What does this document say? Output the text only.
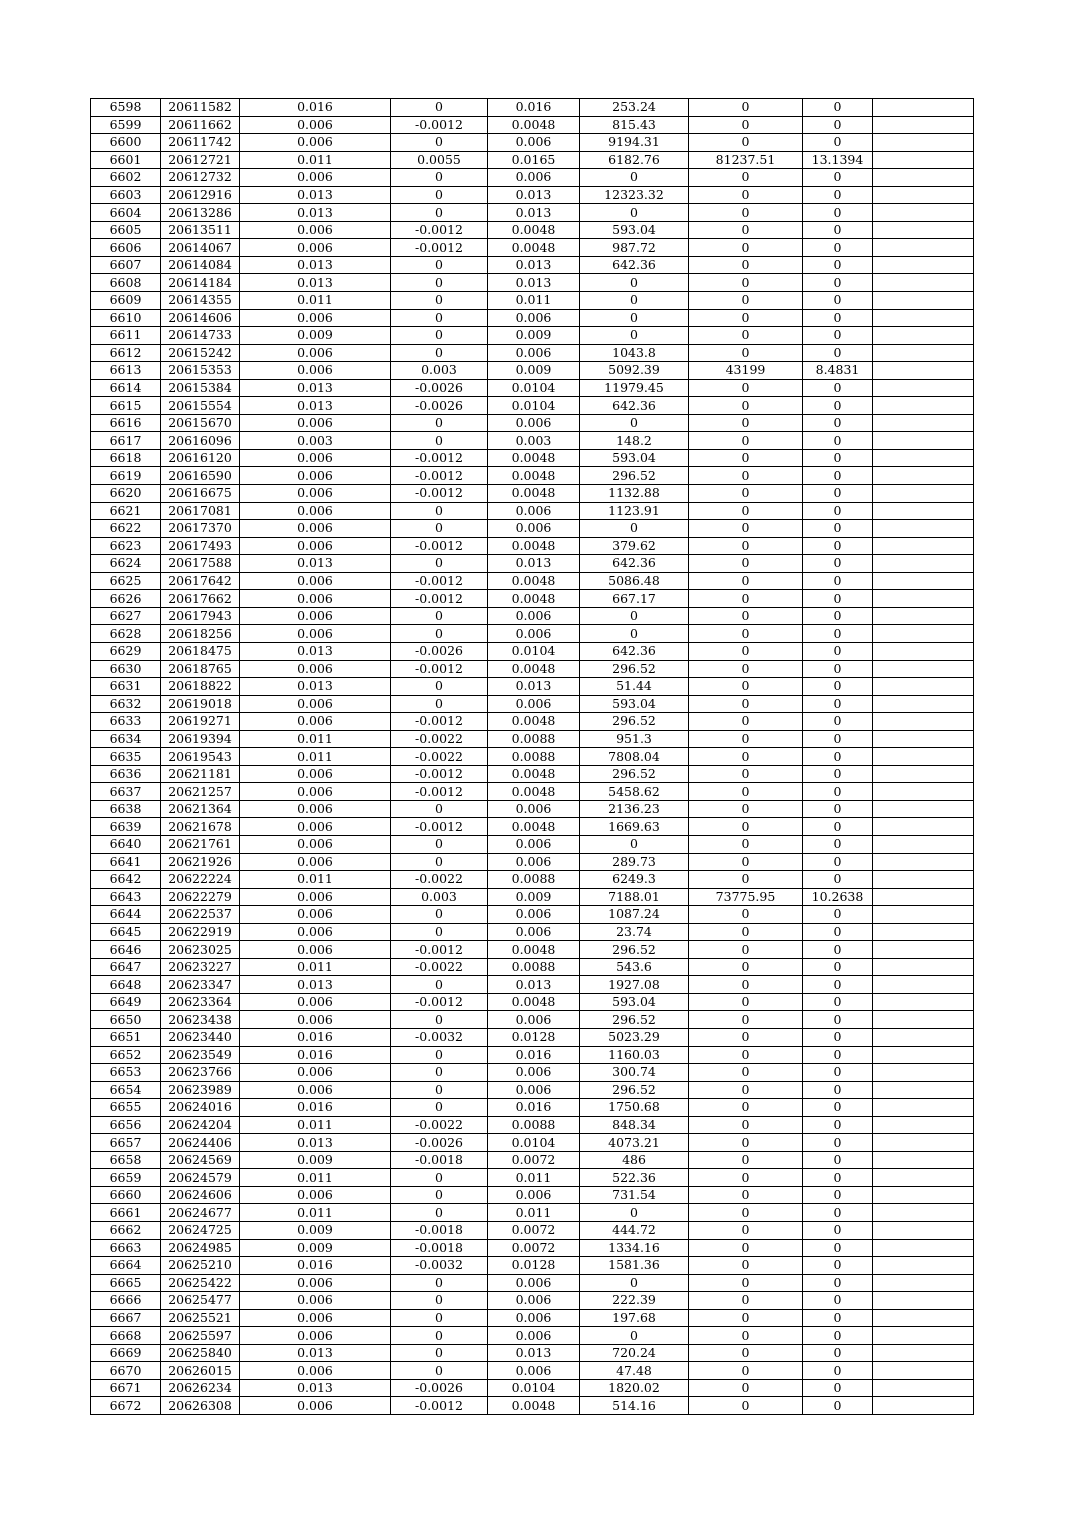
6598	20611582	0.016	0	0.016	253.24	0	0	
6599	20611662	0.006	-0.0012	0.0048	815.43	0	0	
6600	20611742	0.006	0	0.006	9194.31	0	0	
6601	20612721	0.011	0.0055	0.0165	6182.76	81237.51	13.1394	
6602	20612732	0.006	0	0.006	0	0	0	
6603	20612916	0.013	0	0.013	12323.32	0	0	
6604	20613286	0.013	0	0.013	0	0	0	
6605	20613511	0.006	-0.0012	0.0048	593.04	0	0	
6606	20614067	0.006	-0.0012	0.0048	987.72	0	0	
6607	20614084	0.013	0	0.013	642.36	0	0	
6608	20614184	0.013	0	0.013	0	0	0	
6609	20614355	0.011	0	0.011	0	0	0	
6610	20614606	0.006	0	0.006	0	0	0	
6611	20614733	0.009	0	0.009	0	0	0	
6612	20615242	0.006	0	0.006	1043.8	0	0	
6613	20615353	0.006	0.003	0.009	5092.39	43199	8.4831	
6614	20615384	0.013	-0.0026	0.0104	11979.45	0	0	
6615	20615554	0.013	-0.0026	0.0104	642.36	0	0	
6616	20615670	0.006	0	0.006	0	0	0	
6617	20616096	0.003	0	0.003	148.2	0	0	
6618	20616120	0.006	-0.0012	0.0048	593.04	0	0	
6619	20616590	0.006	-0.0012	0.0048	296.52	0	0	
6620	20616675	0.006	-0.0012	0.0048	1132.88	0	0	
6621	20617081	0.006	0	0.006	1123.91	0	0	
6622	20617370	0.006	0	0.006	0	0	0	
6623	20617493	0.006	-0.0012	0.0048	379.62	0	0	
6624	20617588	0.013	0	0.013	642.36	0	0	
6625	20617642	0.006	-0.0012	0.0048	5086.48	0	0	
6626	20617662	0.006	-0.0012	0.0048	667.17	0	0	
6627	20617943	0.006	0	0.006	0	0	0	
6628	20618256	0.006	0	0.006	0	0	0	
6629	20618475	0.013	-0.0026	0.0104	642.36	0	0	
6630	20618765	0.006	-0.0012	0.0048	296.52	0	0	
6631	20618822	0.013	0	0.013	51.44	0	0	
6632	20619018	0.006	0	0.006	593.04	0	0	
6633	20619271	0.006	-0.0012	0.0048	296.52	0	0	
6634	20619394	0.011	-0.0022	0.0088	951.3	0	0	
6635	20619543	0.011	-0.0022	0.0088	7808.04	0	0	
6636	20621181	0.006	-0.0012	0.0048	296.52	0	0	
6637	20621257	0.006	-0.0012	0.0048	5458.62	0	0	
6638	20621364	0.006	0	0.006	2136.23	0	0	
6639	20621678	0.006	-0.0012	0.0048	1669.63	0	0	
6640	20621761	0.006	0	0.006	0	0	0	
6641	20621926	0.006	0	0.006	289.73	0	0	
6642	20622224	0.011	-0.0022	0.0088	6249.3	0	0	
6643	20622279	0.006	0.003	0.009	7188.01	73775.95	10.2638	
6644	20622537	0.006	0	0.006	1087.24	0	0	
6645	20622919	0.006	0	0.006	23.74	0	0	
6646	20623025	0.006	-0.0012	0.0048	296.52	0	0	
6647	20623227	0.011	-0.0022	0.0088	543.6	0	0	
6648	20623347	0.013	0	0.013	1927.08	0	0	
6649	20623364	0.006	-0.0012	0.0048	593.04	0	0	
6650	20623438	0.006	0	0.006	296.52	0	0	
6651	20623440	0.016	-0.0032	0.0128	5023.29	0	0	
6652	20623549	0.016	0	0.016	1160.03	0	0	
6653	20623766	0.006	0	0.006	300.74	0	0	
6654	20623989	0.006	0	0.006	296.52	0	0	
6655	20624016	0.016	0	0.016	1750.68	0	0	
6656	20624204	0.011	-0.0022	0.0088	848.34	0	0	
6657	20624406	0.013	-0.0026	0.0104	4073.21	0	0	
6658	20624569	0.009	-0.0018	0.0072	486	0	0	
6659	20624579	0.011	0	0.011	522.36	0	0	
6660	20624606	0.006	0	0.006	731.54	0	0	
6661	20624677	0.011	0	0.011	0	0	0	
6662	20624725	0.009	-0.0018	0.0072	444.72	0	0	
6663	20624985	0.009	-0.0018	0.0072	1334.16	0	0	
6664	20625210	0.016	-0.0032	0.0128	1581.36	0	0	
6665	20625422	0.006	0	0.006	0	0	0	
6666	20625477	0.006	0	0.006	222.39	0	0	
6667	20625521	0.006	0	0.006	197.68	0	0	
6668	20625597	0.006	0	0.006	0	0	0	
6669	20625840	0.013	0	0.013	720.24	0	0	
6670	20626015	0.006	0	0.006	47.48	0	0	
6671	20626234	0.013	-0.0026	0.0104	1820.02	0	0	
6672	20626308	0.006	-0.0012	0.0048	514.16	0	0	
